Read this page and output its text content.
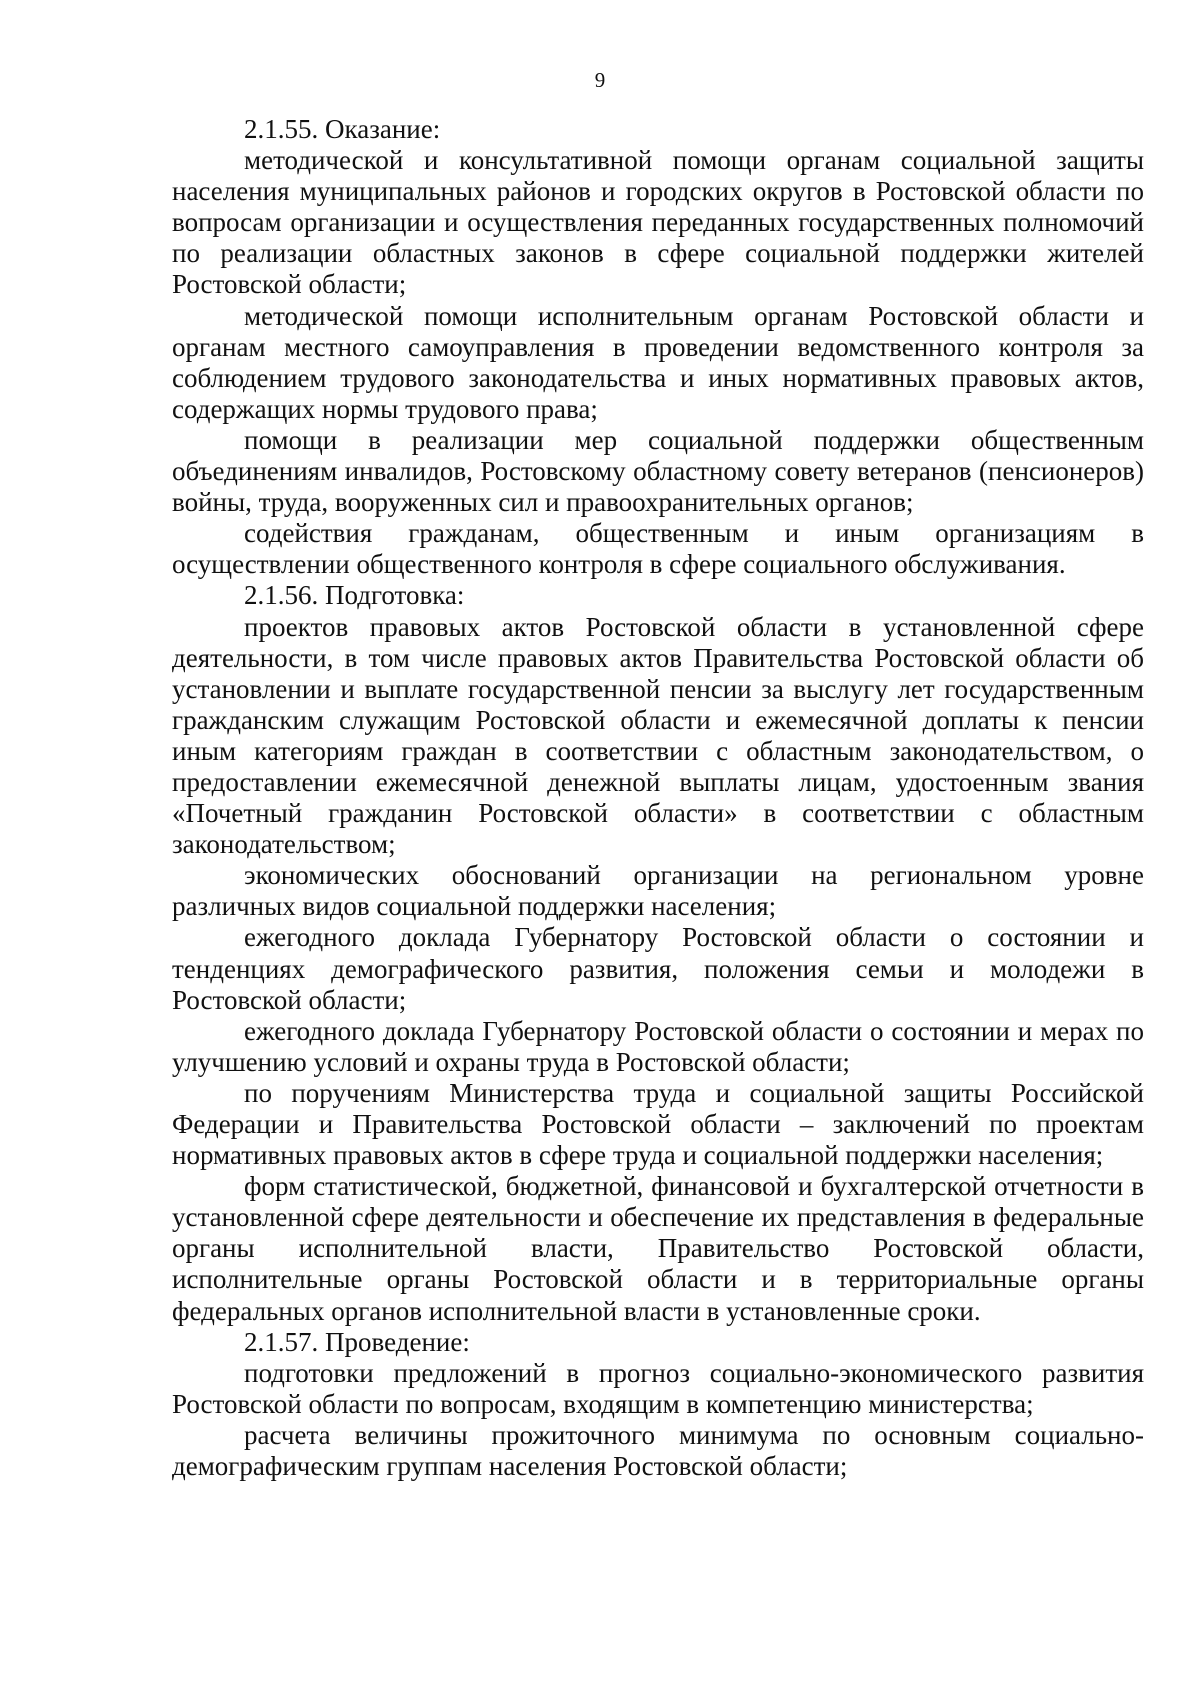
9

2.1.55. Оказание:

методической и консультативной помощи органам социальной защиты населения муниципальных районов и городских округов в Ростовской области по вопросам организации и осуществления переданных государственных полномочий по реализации областных законов в сфере социальной поддержки жителей Ростовской области;

методической помощи исполнительным органам Ростовской области и органам местного самоуправления в проведении ведомственного контроля за соблюдением трудового законодательства и иных нормативных правовых актов, содержащих нормы трудового права;

помощи в реализации мер социальной поддержки общественным объединениям инвалидов, Ростовскому областному совету ветеранов (пенсионеров) войны, труда, вооруженных сил и правоохранительных органов;

содействия гражданам, общественным и иным организациям в осуществлении общественного контроля в сфере социального обслуживания.

2.1.56. Подготовка:

проектов правовых актов Ростовской области в установленной сфере деятельности, в том числе правовых актов Правительства Ростовской области об установлении и выплате государственной пенсии за выслугу лет государственным гражданским служащим Ростовской области и ежемесячной доплаты к пенсии иным категориям граждан в соответствии с областным законодательством, о предоставлении ежемесячной денежной выплаты лицам, удостоенным звания «Почетный гражданин Ростовской области» в соответствии с областным законодательством;

экономических обоснований организации на региональном уровне различных видов социальной поддержки населения;

ежегодного доклада Губернатору Ростовской области о состоянии и тенденциях демографического развития, положения семьи и молодежи в Ростовской области;

ежегодного доклада Губернатору Ростовской области о состоянии и мерах по улучшению условий и охраны труда в Ростовской области;

по поручениям Министерства труда и социальной защиты Российской Федерации и Правительства Ростовской области – заключений по проектам нормативных правовых актов в сфере труда и социальной поддержки населения;

форм статистической, бюджетной, финансовой и бухгалтерской отчетности в установленной сфере деятельности и обеспечение их представления в федеральные органы исполнительной власти, Правительство Ростовской области, исполнительные органы Ростовской области и в территориальные органы федеральных органов исполнительной власти в установленные сроки.

2.1.57. Проведение:

подготовки предложений в прогноз социально-экономического развития Ростовской области по вопросам, входящим в компетенцию министерства;

расчета величины прожиточного минимума по основным социально-демографическим группам населения Ростовской области;
